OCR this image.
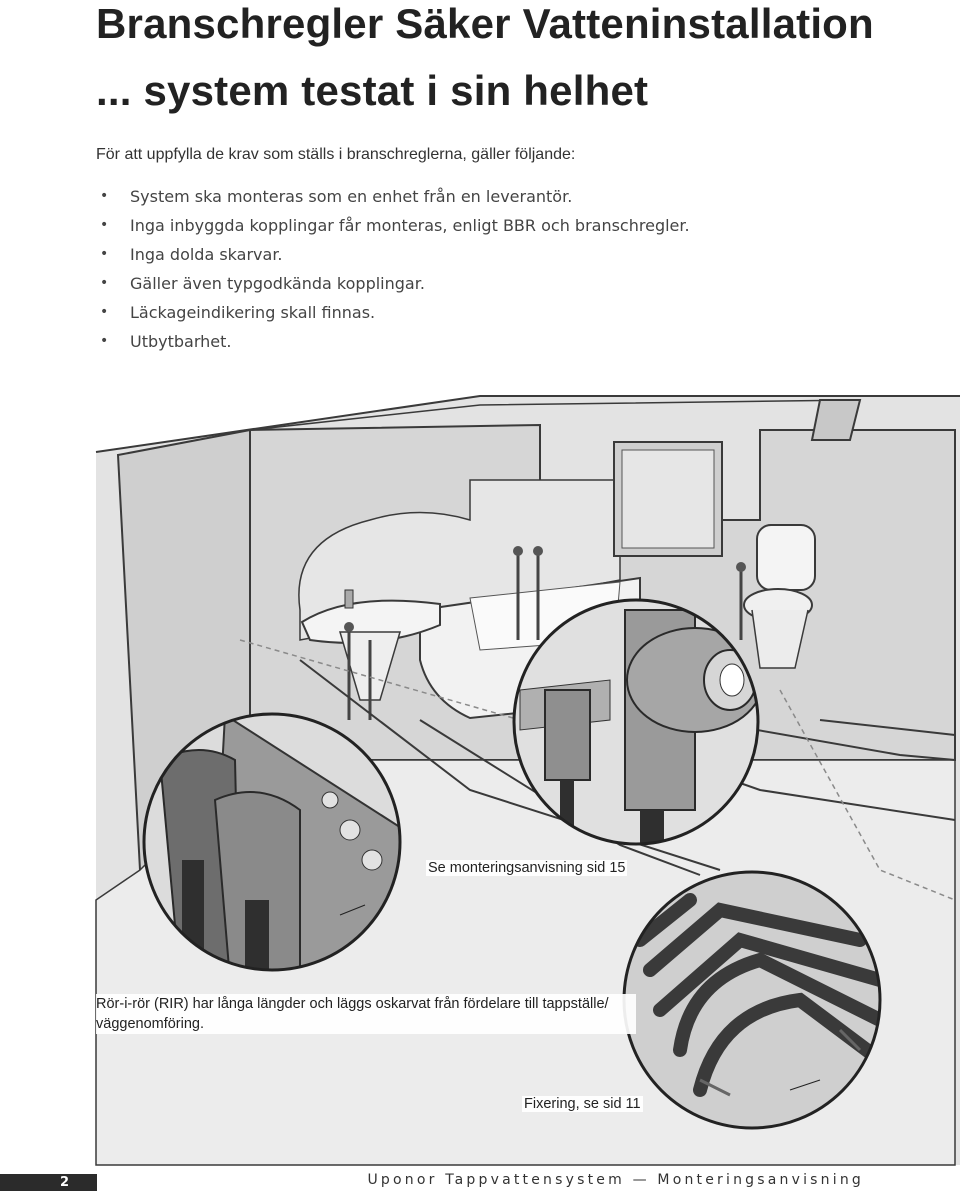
Branschregler Säker Vatteninstallation
... system testat i sin helhet

För att uppfylla de krav som ställs i branschreglerna, gäller följande:

• System ska monteras som en enhet från en leverantör.
• Inga inbyggda kopplingar får monteras, enligt BBR och branschregler.
• Inga dolda skarvar.
• Gäller även typgodkända kopplingar.
• Läckageindikering skall finnas.
• Utbytbarhet.

Se monteringsanvisning sid 15

Rör-i-rör (RIR) har långa längder och läggs oskarvat från fördelare till tappställe/ väggenomföring.

Fixering, se sid 11

2	Uponor Tappvattensystem — Monteringsanvisning
